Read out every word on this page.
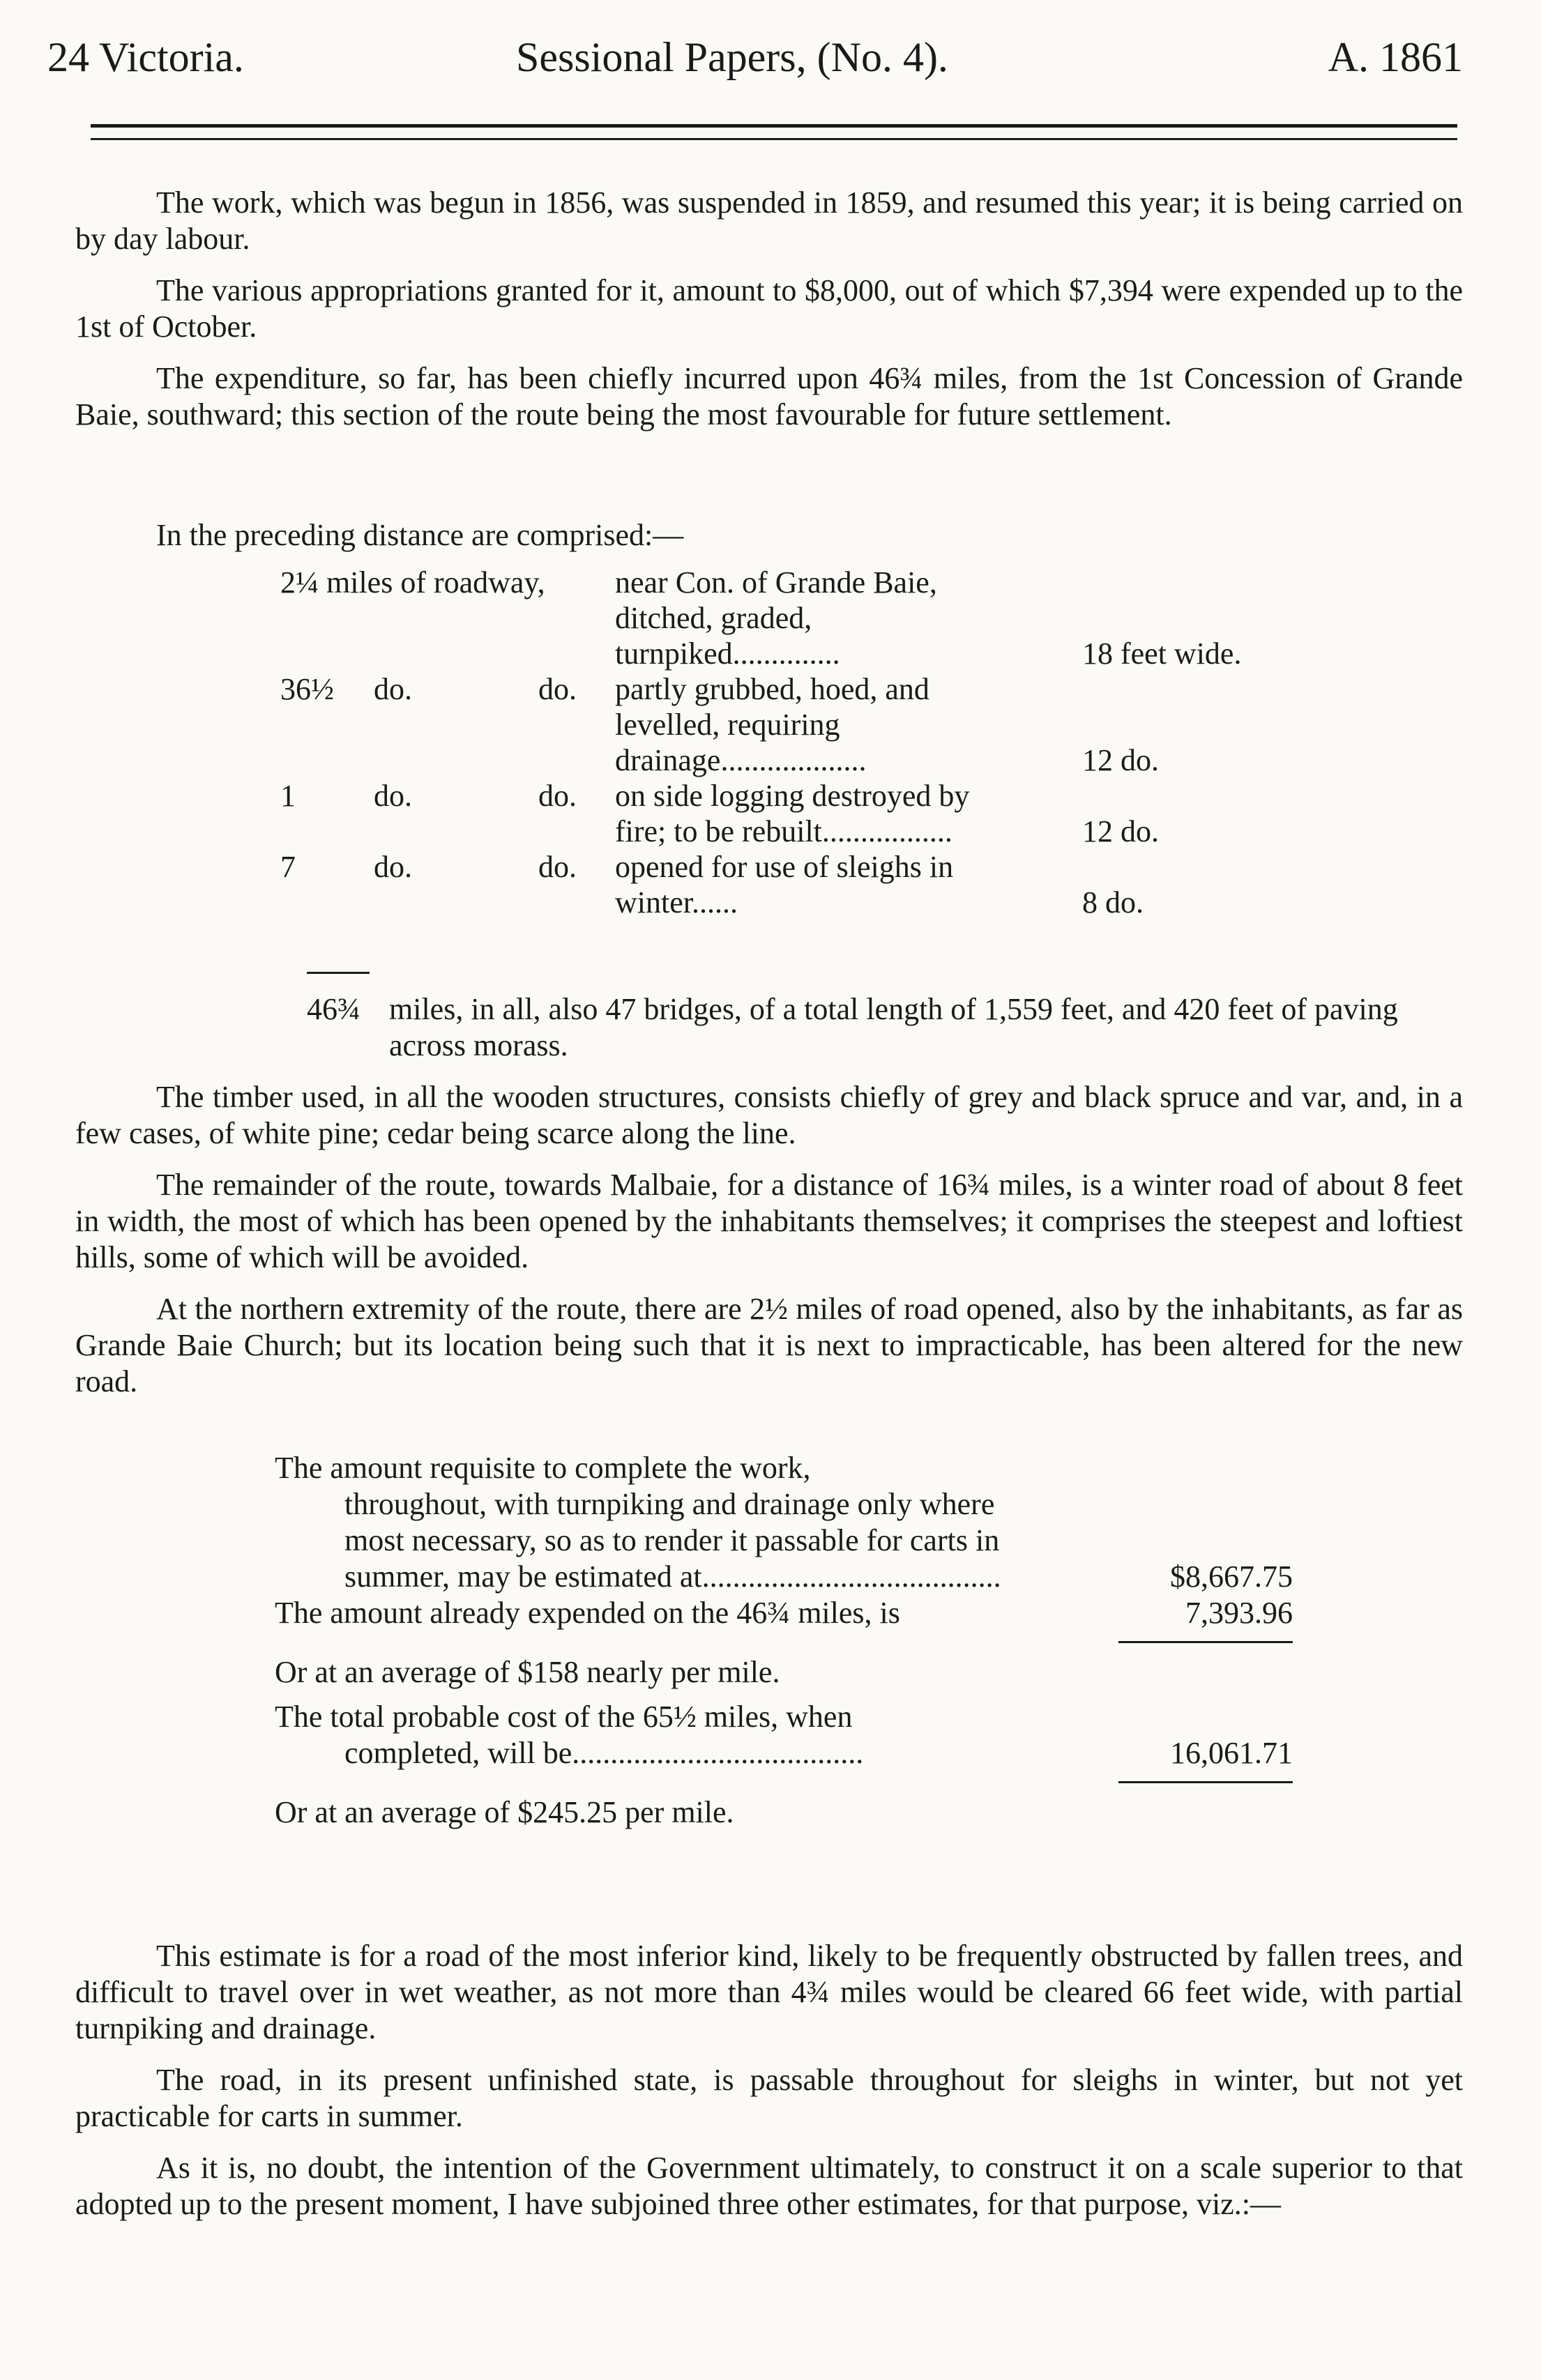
24 Victoria.	Sessional Papers, (No. 4).	A. 1861

The work, which was begun in 1856, was suspended in 1859, and resumed this year; it is being carried on by day labour.

The various appropriations granted for it, amount to $8,000, out of which $7,394 were expended up to the 1st of October.

The expenditure, so far, has been chiefly incurred upon 46¾ miles, from the 1st Concession of Grande Baie, southward; this section of the route being the most favourable for future settlement.

In the preceding distance are comprised:—
2¼ miles of roadway, near Con. of Grande Baie, ditched, graded, turnpiked..............	18 feet wide.
36½ do.	do. partly grubbed, hoed, and levelled, requiring drainage...................	12 do.
1	do.	do. on side logging destroyed by fire; to be rebuilt.................	12 do.
7	do.	do. opened for use of sleighs in winter......	8 do.
46¾ miles, in all, also 47 bridges, of a total length of 1,559 feet, and 420 feet of paving across morass.

The timber used, in all the wooden structures, consists chiefly of grey and black spruce and var, and, in a few cases, of white pine; cedar being scarce along the line.

The remainder of the route, towards Malbaie, for a distance of 16¾ miles, is a winter road of about 8 feet in width, the most of which has been opened by the inhabitants themselves; it comprises the steepest and loftiest hills, some of which will be avoided.

At the northern extremity of the route, there are 2½ miles of road opened, also by the inhabitants, as far as Grande Baie Church; but its location being such that it is next to impracticable, has been altered for the new road.

The amount requisite to complete the work,
throughout, with turnpiking and drainage only where most necessary, so as to render it passable for carts in summer, may be estimated at.......................................	$8,667.75
The amount already expended on the 46¾ miles, is	7,393.96
Or at an average of $158 nearly per mile.
The total probable cost of the 65½ miles, when
completed, will be......................................	16,061.71
Or at an average of $245.25 per mile.

This estimate is for a road of the most inferior kind, likely to be frequently obstructed by fallen trees, and difficult to travel over in wet weather, as not more than 4¾ miles would be cleared 66 feet wide, with partial turnpiking and drainage.

The road, in its present unfinished state, is passable throughout for sleighs in winter, but not yet practicable for carts in summer.

As it is, no doubt, the intention of the Government ultimately, to construct it on a scale superior to that adopted up to the present moment, I have subjoined three other estimates, for that purpose, viz.:—
